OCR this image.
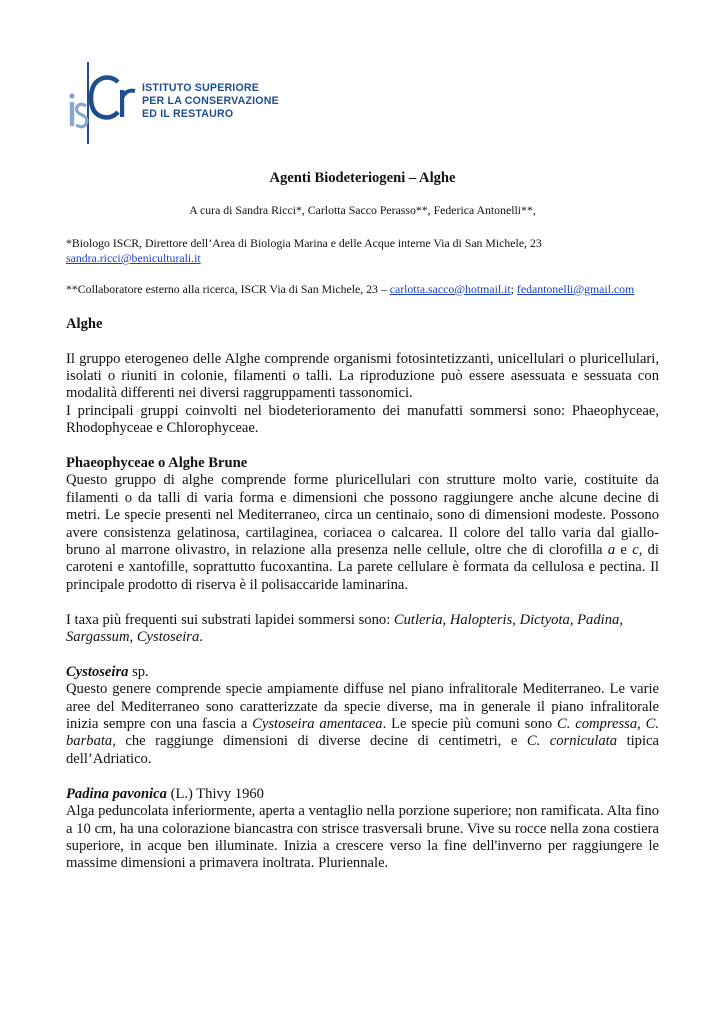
ISTITUTO SUPERIORE
PER LA CONSERVAZIONE
ED IL RESTAURO
Agenti Biodeteriogeni – Alghe
A cura di Sandra Ricci*, Carlotta Sacco Perasso**, Federica Antonelli**,

*Biologo ISCR, Direttore dell’Area di Biologia Marina e delle Acque interne Via di San Michele, 23
sandra.ricci@beniculturali.it

**Collaboratore esterno alla ricerca, ISCR Via di San Michele, 23 – carlotta.sacco@hotmail.it; fedantonelli@gmail.com

Alghe

Il gruppo eterogeneo delle Alghe comprende organismi fotosintetizzanti, unicellulari o pluricellulari, isolati o riuniti in colonie, filamenti o talli. La riproduzione può essere asessuata e sessuata con modalità differenti nei diversi raggruppamenti tassonomici.

I principali gruppi coinvolti nel biodeterioramento dei manufatti sommersi sono: Phaeophyceae, Rhodophyceae e Chlorophyceae.

Phaeophyceae o Alghe Brune

Questo gruppo di alghe comprende forme pluricellulari con strutture molto varie, costituite da filamenti o da talli di varia forma e dimensioni che possono raggiungere anche alcune decine di metri. Le specie presenti nel Mediterraneo, circa un centinaio, sono di dimensioni modeste. Possono avere consistenza gelatinosa, cartilaginea, coriacea o calcarea. Il colore del tallo varia dal giallo-bruno al marrone olivastro, in relazione alla presenza nelle cellule, oltre che di clorofilla a e c, di caroteni e xantofille, soprattutto fucoxantina. La parete cellulare è formata da cellulosa e pectina. Il principale prodotto di riserva è il polisaccaride laminarina.

I taxa più frequenti sui substrati lapidei sommersi sono: Cutleria, Halopteris, Dictyota, Padina, Sargassum, Cystoseira.

Cystoseira sp.

Questo genere comprende specie ampiamente diffuse nel piano infralitorale Mediterraneo. Le varie aree del Mediterraneo sono caratterizzate da specie diverse, ma in generale il piano infralitorale inizia sempre con una fascia a Cystoseira amentacea. Le specie più comuni sono C. compressa, C. barbata, che raggiunge dimensioni di diverse decine di centimetri, e C. corniculata tipica dell’Adriatico.

Padina pavonica (L.) Thivy 1960

Alga peduncolata inferiormente, aperta a ventaglio nella porzione superiore; non ramificata. Alta fino a 10 cm, ha una colorazione biancastra con strisce trasversali brune. Vive su rocce nella zona costiera superiore, in acque ben illuminate. Inizia a crescere verso la fine dell'inverno per raggiungere le massime dimensioni a primavera inoltrata. Pluriennale.
